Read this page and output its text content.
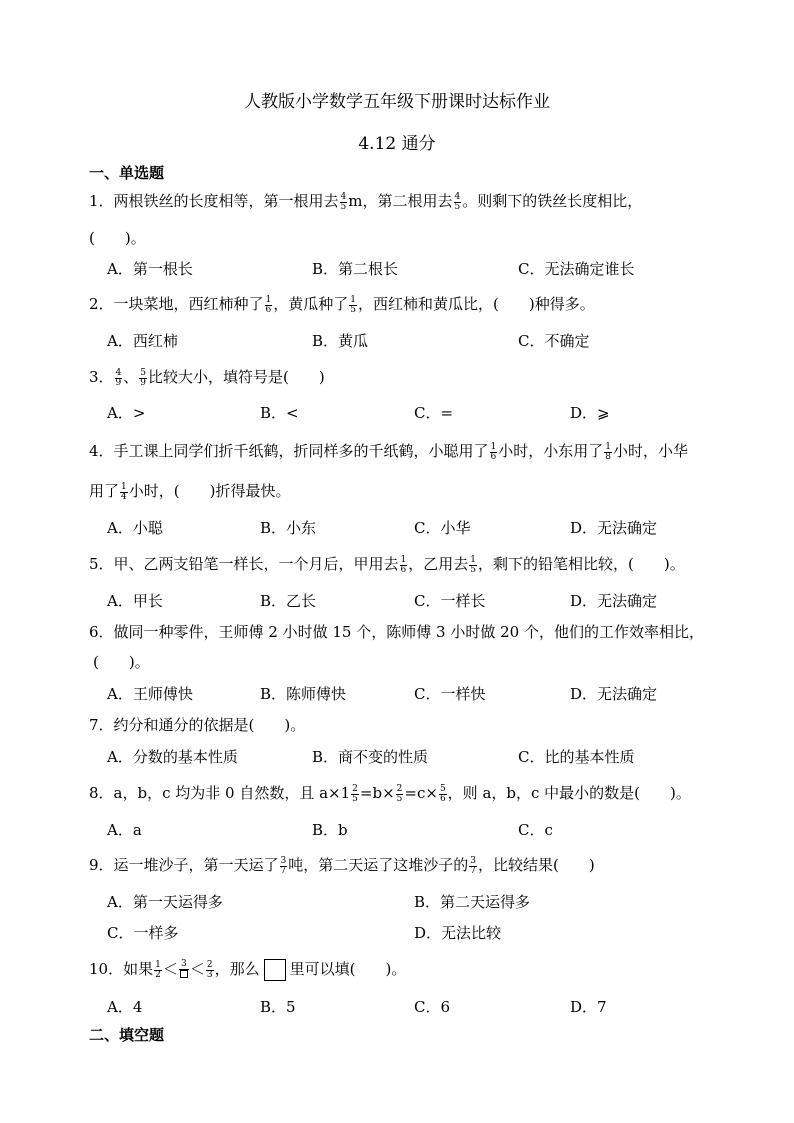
人教版小学数学五年级下册课时达标作业
4.12 通分
一、单选题
1．两根铁丝的长度相等，第一根用去 $\frac{4}{5}$ m，第二根用去 $\frac{4}{5}$ 。则剩下的铁丝长度相比，
(　　)。
A．第一根长	B．第二根长	C．无法确定谁长
2．一块菜地，西红柿种了 $\frac{1}{6}$ ，黄瓜种了 $\frac{1}{5}$ ，西红柿和黄瓜比，(　　)种得多。
A．西红柿	B．黄瓜	C．不确定
3． $\frac{4}{9}$ 、 $\frac{5}{9}$ 比较大小，填符号是(　　)
A．>	B．<	C．=	D．⩾
4．手工课上同学们折千纸鹤，折同样多的千纸鹤，小聪用了 $\frac{1}{6}$ 小时，小东用了 $\frac{1}{8}$ 小时，小华
用了 $\frac{1}{4}$ 小时，(　　)折得最快。
A．小聪	B．小东	C．小华	D．无法确定
5．甲、乙两支铅笔一样长，一个月后，甲用去 $\frac{1}{6}$ ，乙用去 $\frac{1}{5}$ ，剩下的铅笔相比较，(　　)。
A．甲长	B．乙长	C．一样长	D．无法确定
6．做同一种零件，王师傅 2 小时做 15 个，陈师傅 3 小时做 20 个，他们的工作效率相比，
(　　)。
A．王师傅快	B．陈师傅快	C．一样快	D．无法确定
7．约分和通分的依据是(　　)。
A．分数的基本性质	B．商不变的性质	C．比的基本性质
8．a，b，c 均为非 0 自然数，且 $a\times 1 \frac{2}{5} =b\times \frac{2}{5} =c\times \frac{5}{6}$ ，则 a，b，c 中最小的数是(　　)。
A．a	B．b	C．c
9．运一堆沙子，第一天运了 $\frac{3}{7}$ 吨，第二天运了这堆沙子的 $\frac{3}{7}$ ，比较结果(　　)
A．第一天运得多	B．第二天运得多
C．一样多	D．无法比较
10．如果 $\frac{1}{2} < 3 < \frac{2}{3}$ ，那么 里可以填(　　)。
A．4	B．5	C．6	D．7
二、填空题
